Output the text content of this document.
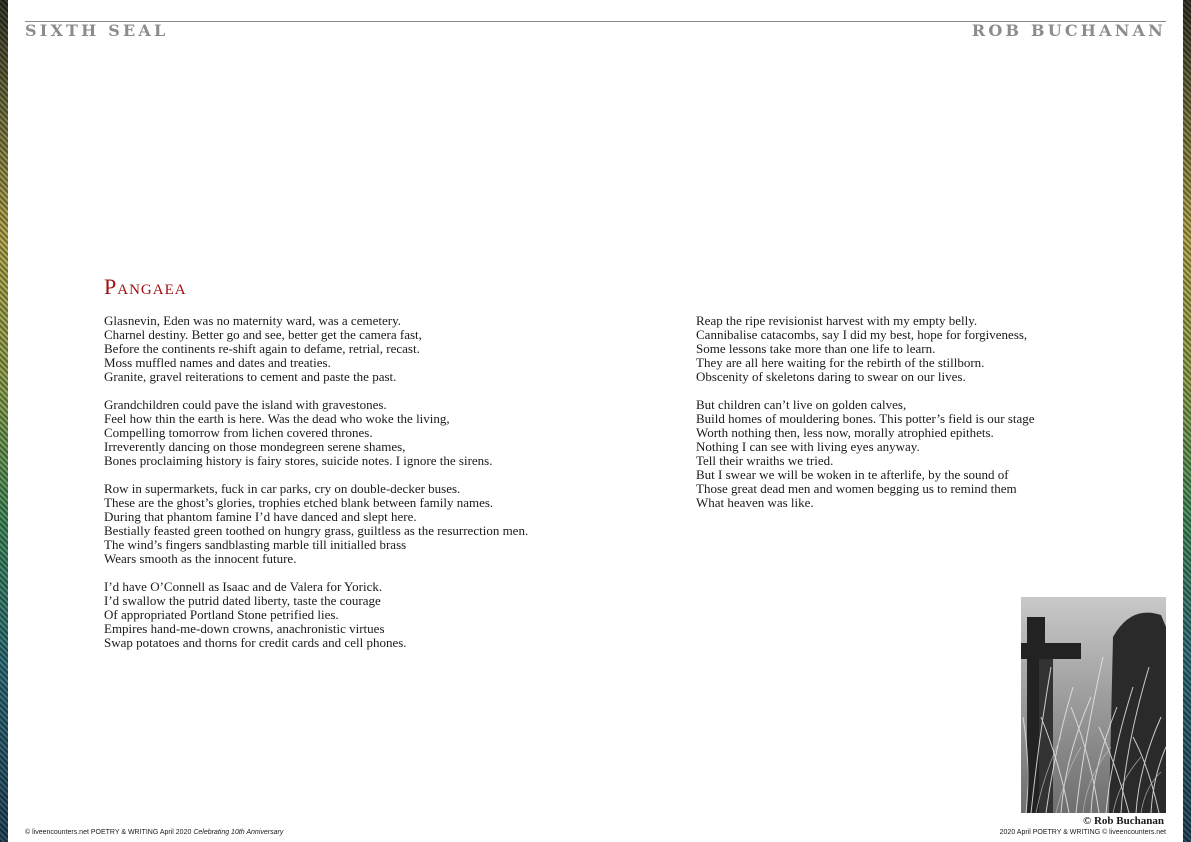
SIXTH SEAL	ROB BUCHANAN
Pangaea
Glasnevin, Eden was no maternity ward, was a cemetery.
Charnel destiny. Better go and see, better get the camera fast,
Before the continents re-shift again to defame, retrial, recast.
Moss muffled names and dates and treaties.
Granite, gravel reiterations to cement and paste the past.
Grandchildren could pave the island with gravestones.
Feel how thin the earth is here. Was the dead who woke the living,
Compelling tomorrow from lichen covered thrones.
Irreverently dancing on those mondegreen serene shames,
Bones proclaiming history is fairy stores, suicide notes. I ignore the sirens.
Row in supermarkets, fuck in car parks, cry on double-decker buses.
These are the ghost’s glories, trophies etched blank between family names.
During that phantom famine I’d have danced and slept here.
Bestially feasted green toothed on hungry grass, guiltless as the resurrection men.
The wind’s fingers sandblasting marble till initialled brass
Wears smooth as the innocent future.
I’d have O’Connell as Isaac and de Valera for Yorick.
I’d swallow the putrid dated liberty, taste the courage
Of appropriated Portland Stone petrified lies.
Empires hand-me-down crowns, anachronistic virtues
Swap potatoes and thorns for credit cards and cell phones.
Reap the ripe revisionist harvest with my empty belly.
Cannibalise catacombs, say I did my best, hope for forgiveness,
Some lessons take more than one life to learn.
They are all here waiting for the rebirth of the stillborn.
Obscenity of skeletons daring to swear on our lives.
But children can’t live on golden calves,
Build homes of mouldering bones. This potter’s field is our stage
Worth nothing then, less now, morally atrophied epithets.
Nothing I can see with living eyes anyway.
Tell their wraiths we tried.
But I swear we will be woken in te afterlife, by the sound of
Those great dead men and women begging us to remind them
What heaven was like.
© Rob Buchanan
© liveencounters.net POETRY & WRITING April 2020 Celebrating 10th Anniversary	2020 April POETRY & WRITING © liveencounters.net
